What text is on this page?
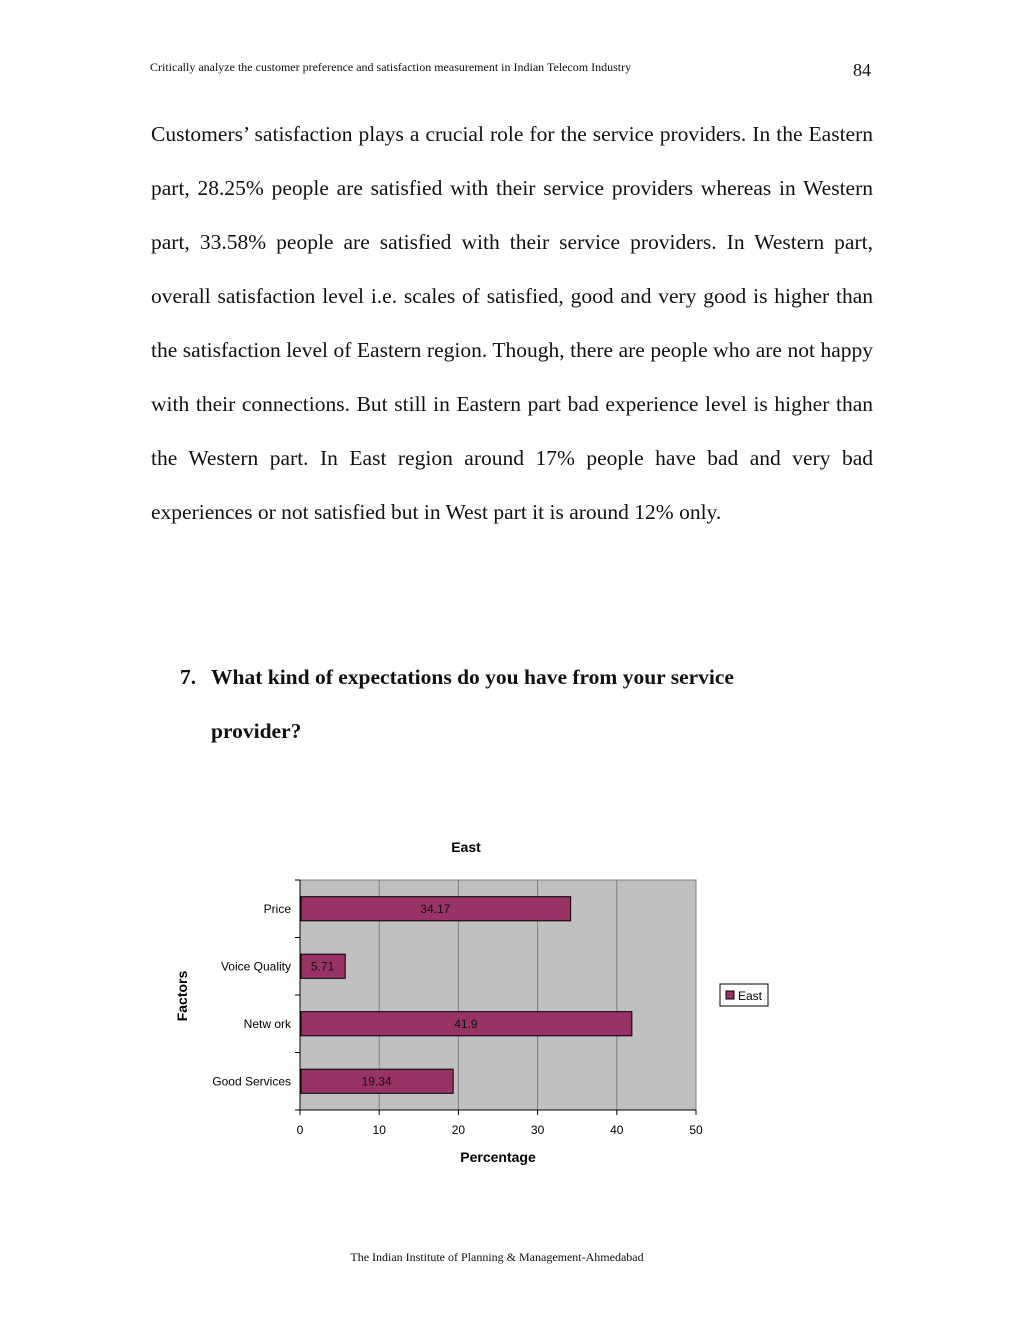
Critically analyze the customer preference and satisfaction measurement in Indian Telecom Industry	84
Customers’ satisfaction plays a crucial role for the service providers. In the Eastern part, 28.25% people are satisfied with their service providers whereas in Western part, 33.58% people are satisfied with their service providers. In Western part, overall satisfaction level i.e. scales of satisfied, good and very good is higher than the satisfaction level of Eastern region. Though, there are people who are not happy with their connections. But still in Eastern part bad experience level is higher than the Western part. In East region around 17% people have bad and very bad experiences or not satisfied but in West part it is around 12% only.
7. What kind of expectations do you have from your service provider?
East
0	10	20	30	40	50
Price	34.17
Voice Quality 5.71
Netw ork	41.9
Good Services	19.34
Percentage
Factors	East
The Indian Institute of Planning & Management-Ahmedabad
